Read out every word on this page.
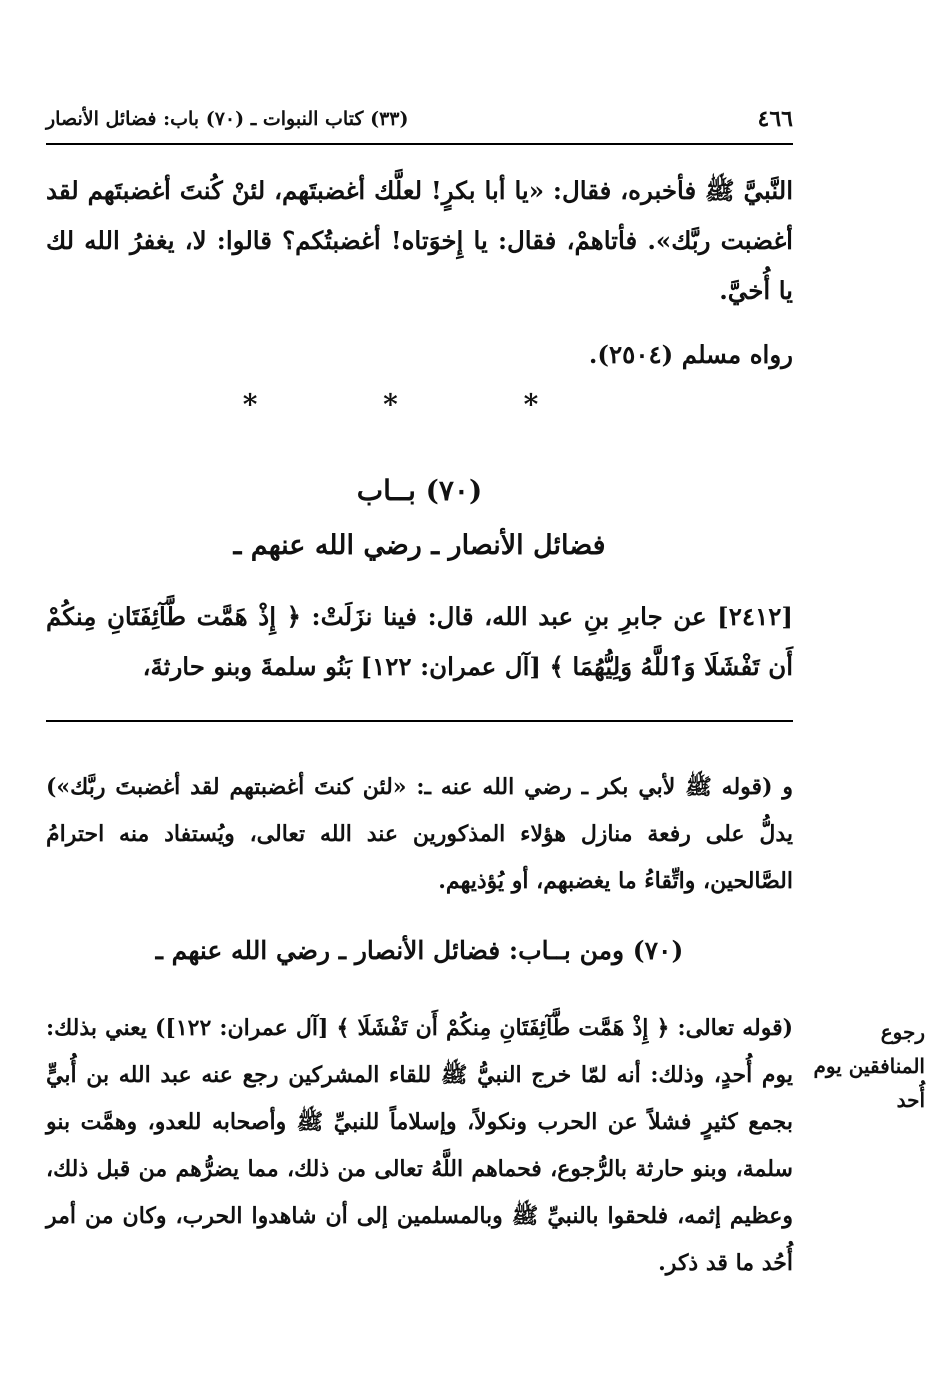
٤٦٦
(٣٣) كتاب النبوات ـ (٧٠) باب: فضائل الأنصار
النَّبيَّ ﷺ فأخبره، فقال: «يا أبا بكرٍ! لعلَّك أغضبتَهم، لئنْ كُنتَ أغضبتَهم لقد أغضبت ربَّك». فأتاهمْ، فقال: يا إِخوَتاه! أغضبتُكم؟ قالوا: لا، يغفرُ الله لك يا أُخيَّ.
رواه مسلم (٢٥٠٤).
* * *
(٧٠) بــاب
فضائل الأنصار ـ رضي الله عنهم ـ
[٢٤١٢] عن جابرِ بنِ عبد الله، قال: فينا نزَلَتْ: ﴿ إِذْ هَمَّت طَّآئِفَتَانِ مِنكُمْ أَن تَفْشَلَا وَٱللَّهُ وَلِيُّهُمَا ﴾ [آل عمران: ١٢٢] بَنُو سلمةَ وبنو حارثةَ،
و (قوله ﷺ لأبي بكر ـ رضي الله عنه ـ: «لئن كنتَ أغضبتهم لقد أغضبتَ ربَّك») يدلُّ على رفعة منازل هؤلاء المذكورين عند الله تعالى، ويُستفاد منه احترامُ الصَّالحين، واتِّقاءُ ما يغضبهم، أو يُؤذيهم.
(٧٠) ومن بــاب: فضائل الأنصار ـ رضي الله عنهم ـ
(قوله تعالى: ﴿ إِذْ هَمَّت طَّآئِفَتَانِ مِنكُمْ أَن تَفْشَلَا ﴾ [آل عمران: ١٢٢]) يعني بذلك: يوم أُحدٍ، وذلك: أنه لمّا خرج النبيُّ ﷺ للقاء المشركين رجع عنه عبد الله بن أُبيٍّ بجمع كثيرٍ فشلاً عن الحرب ونكولاً، وإسلاماً للنبيِّ ﷺ وأصحابه للعدو، وهمَّت بنو سلمة، وبنو حارثة بالرُّجوع، فحماهم اللَّهُ تعالى من ذلك، مما يضرُّهم من قبل ذلك، وعظيم إثمه، فلحقوا بالنبيِّ ﷺ وبالمسلمين إلى أن شاهدوا الحرب، وكان من أمر أُحُد ما قد ذكر.
رجوع المنافقين يوم أُحد
